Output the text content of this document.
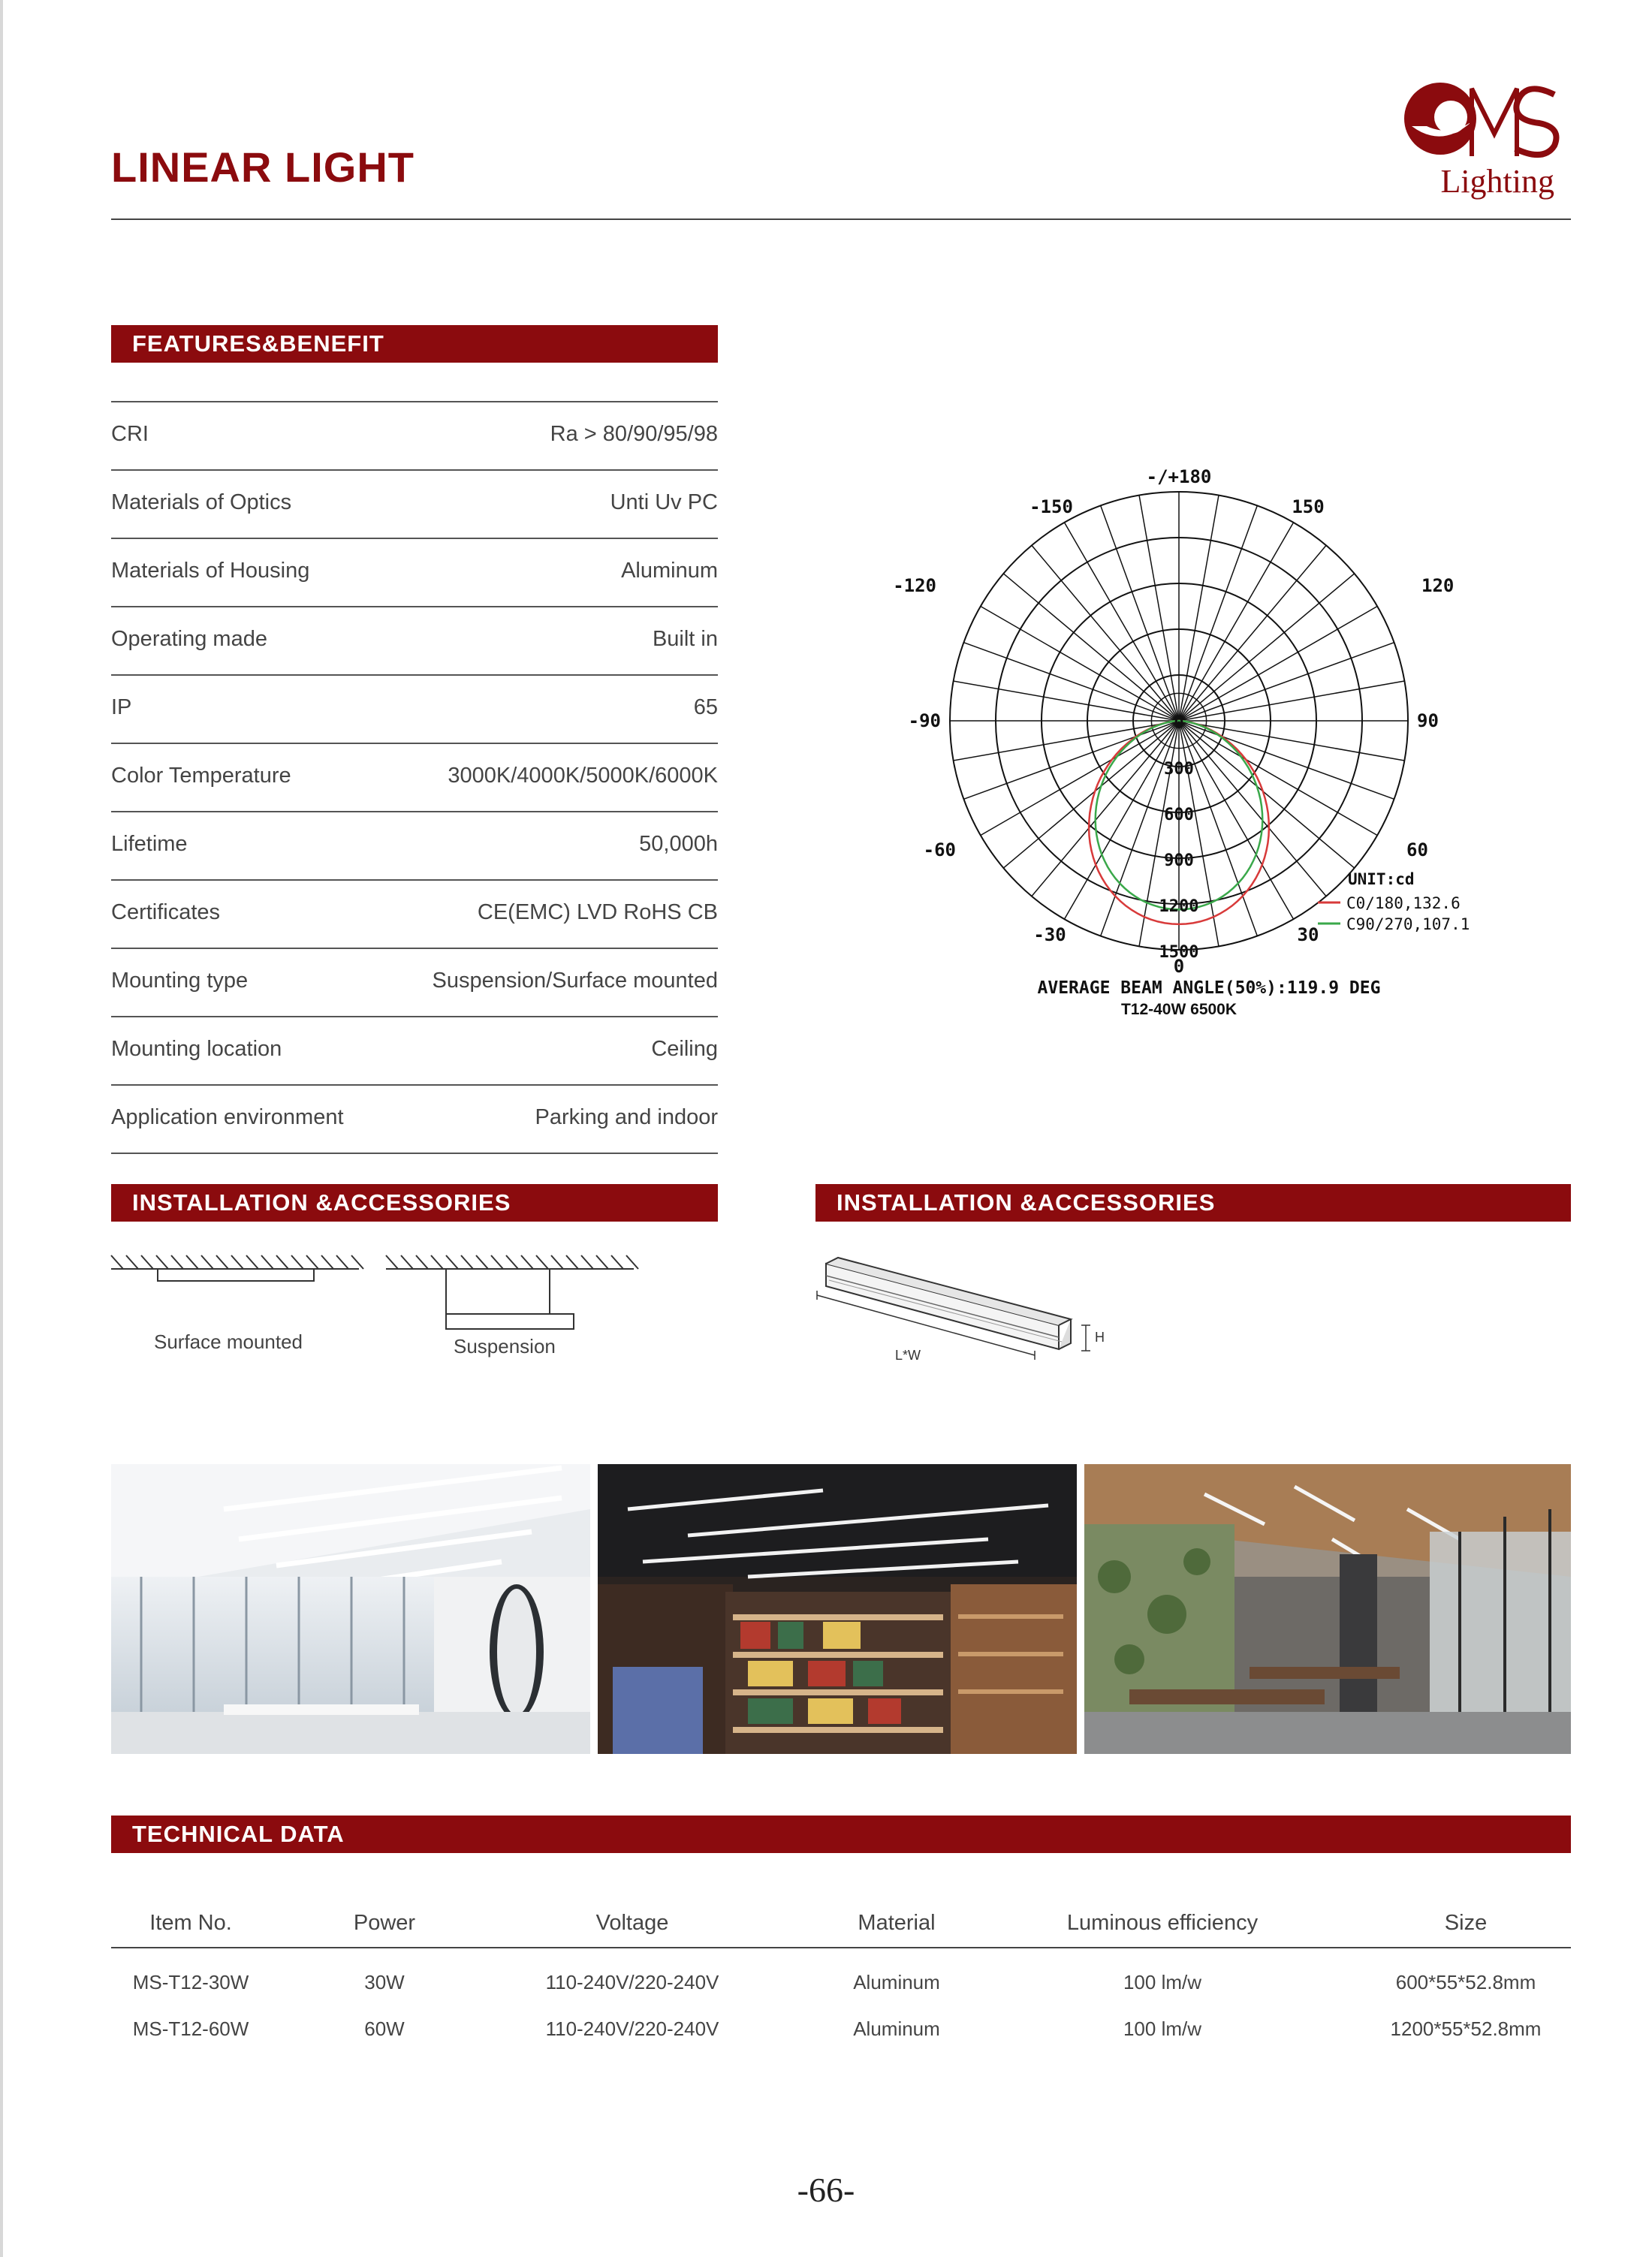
LINEAR LIGHT	Lighting
FEATURES&BENEFIT
CRI	Ra > 80/90/95/98
Materials of Optics	Unti Uv PC
Materials of Housing	Aluminum
Operating made	Built in
IP	65
Color Temperature	3000K/4000K/5000K/6000K
Lifetime	50,000h
Certificates	CE(EMC) LVD RoHS CB
Mounting type	Suspension/Surface mounted
Mounting location	Ceiling
Application environment	Parking and indoor
-/+180
-150	150
-120	120
-90	90
-60	60
-30	30
0
0
300
600
900
1200
1500
UNIT:cd
C0/180,132.6
C90/270,107.1
AVERAGE BEAM ANGLE(50%):119.9 DEG
T12-40W 6500K
INSTALLATION &ACCESSORIES	INSTALLATION &ACCESSORIES
Surface mounted	Suspension	L*W
H
TECHNICAL DATA
Item No.	Power	Voltage	Material	Luminous efficiency	Size
MS-T12-30W	30W	110-240V/220-240V	Aluminum	100 lm/w	600*55*52.8mm
MS-T12-60W	60W	110-240V/220-240V	Aluminum	100 lm/w	1200*55*52.8mm
-66-
